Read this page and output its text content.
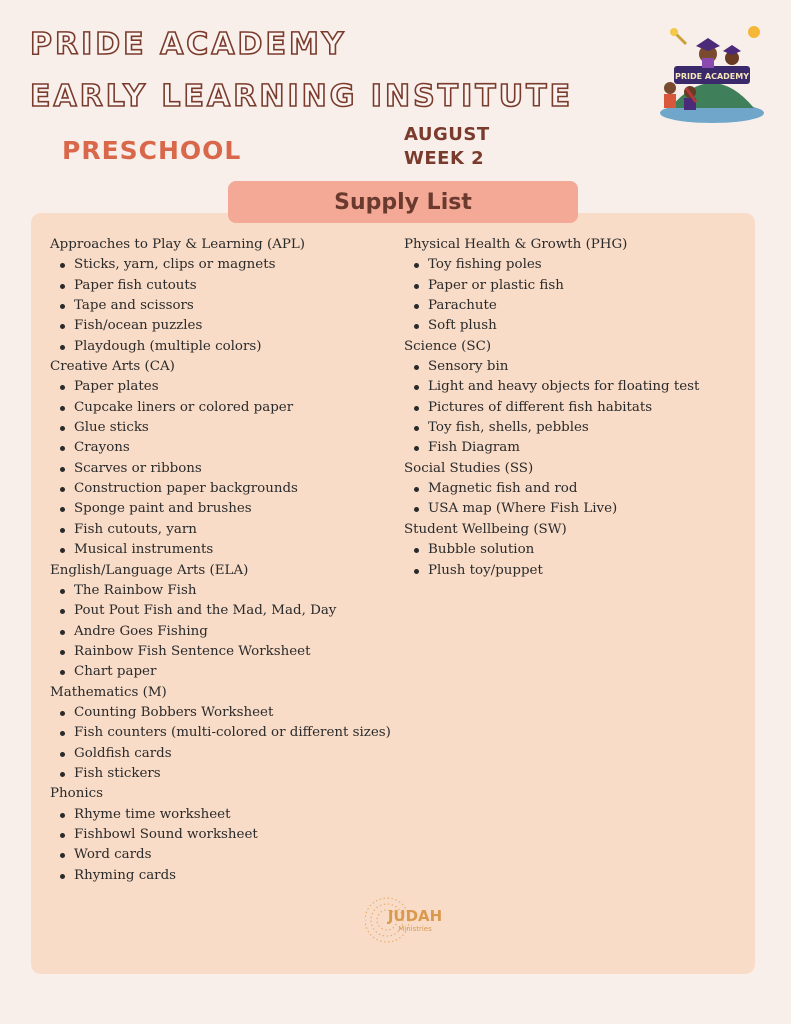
PRIDE ACADEMY
EARLY LEARNING INSTITUTE
PRESCHOOL
AUGUST
WEEK 2
PRIDE ACADEMY
Supply List
Approaches to Play & Learning (APL)
Sticks, yarn, clips or magnets
Paper fish cutouts
Tape and scissors
Fish/ocean puzzles
Playdough (multiple colors)
Creative Arts (CA)
Paper plates
Cupcake liners or colored paper
Glue sticks
Crayons
Scarves or ribbons
Construction paper backgrounds
Sponge paint and brushes
Fish cutouts, yarn
Musical instruments
English/Language Arts (ELA)
The Rainbow Fish
Pout Pout Fish and the Mad, Mad, Day
Andre Goes Fishing
Rainbow Fish Sentence Worksheet
Chart paper
Mathematics (M)
Counting Bobbers Worksheet
Fish counters (multi-colored or different sizes)
Goldfish cards
Fish stickers
Phonics
Rhyme time worksheet
Fishbowl Sound worksheet
Word cards
Rhyming cards
Physical Health & Growth (PHG)
Toy fishing poles
Paper or plastic fish
Parachute
Soft plush
Science (SC)
Sensory bin
Light and heavy objects for floating test
Pictures of different fish habitats
Toy fish, shells, pebbles
Fish Diagram
Social Studies (SS)
Magnetic fish and rod
USA map (Where Fish Live)
Student Wellbeing (SW)
Bubble solution
Plush toy/puppet
JUDAH
Ministries
